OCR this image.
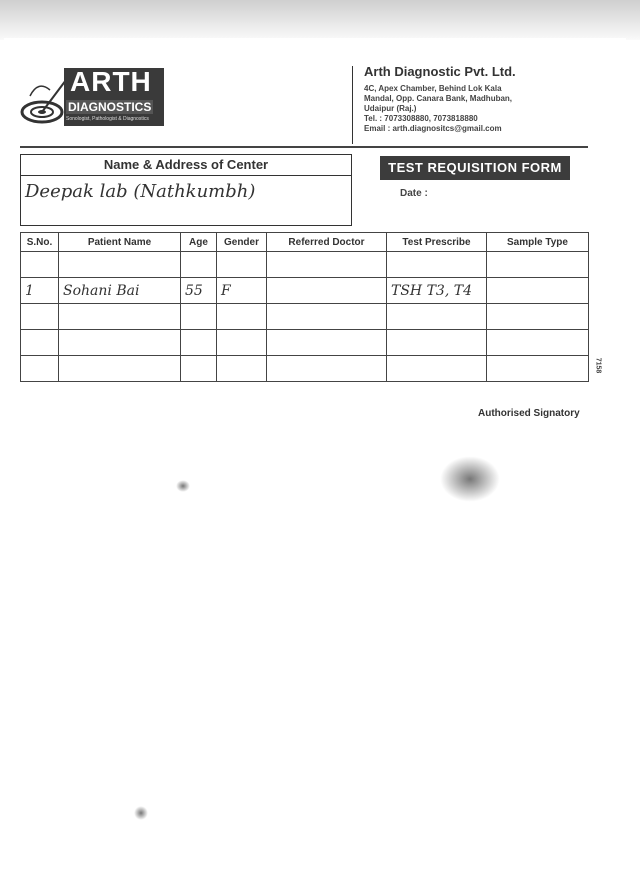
ARTH
DIAGNOSTICS
Sonologist, Pathologist & Diagnostics
Arth Diagnostic Pvt. Ltd.
4C, Apex Chamber, Behind Lok Kala
Mandal, Opp. Canara Bank, Madhuban,
Udaipur (Raj.)
Tel. : 7073308880, 7073818880
Email : arth.diagnositcs@gmail.com
Name & Address of Center
Deepak lab (Nathkumbh)
TEST REQUISITION FORM
Date :
S.No.	Patient Name	Age	Gender	Referred Doctor	Test Prescribe	Sample Type

1	Sohani Bai	55	F		TSH T3, T4	

7158
Authorised Signatory
